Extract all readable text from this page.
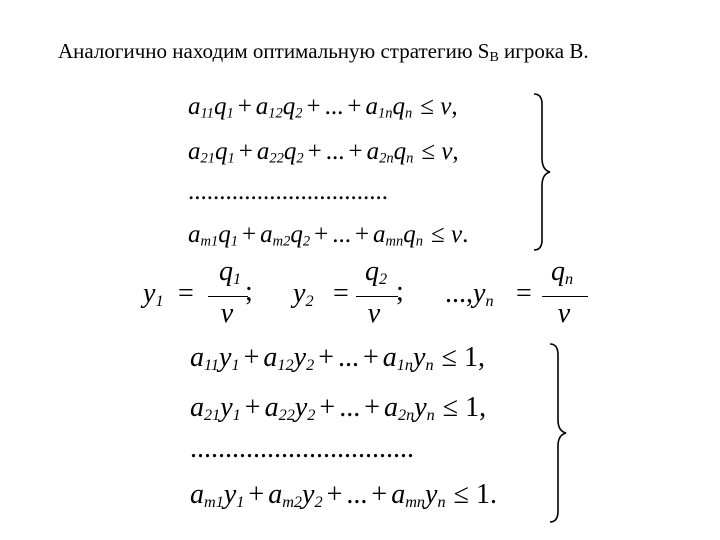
Аналогично находим оптимальную стратегию $S_B$ игрока В.
$a_{11}q_1 + a_{12}q_2$ + ... + $a_{1n}q_n \le v$,
$a_{21}q_1 + a_{22}q_2$ + ... + $a_{2n}q_n \le v$,
................................
$a_{m1}q_1 + a_{m2}q_2$ + ... + $a_{mn}q_n \le v$.
$y_1$ =
$q_1$
v
; $y_2$ =
$q_2$
v
; $...,y_n$ =
$q_n$
v
$a_{11}y_1 + a_{12}y_2$ + ... + $a_{1n}y_n \le 1$,
$a_{21}y_1 + a_{22}y_2$ + ... + $a_{2n}y_n \le 1$,
................................
$a_{m1}y_1 + a_{m2}y_2$ + ... + $a_{mn}y_n \le 1$.
